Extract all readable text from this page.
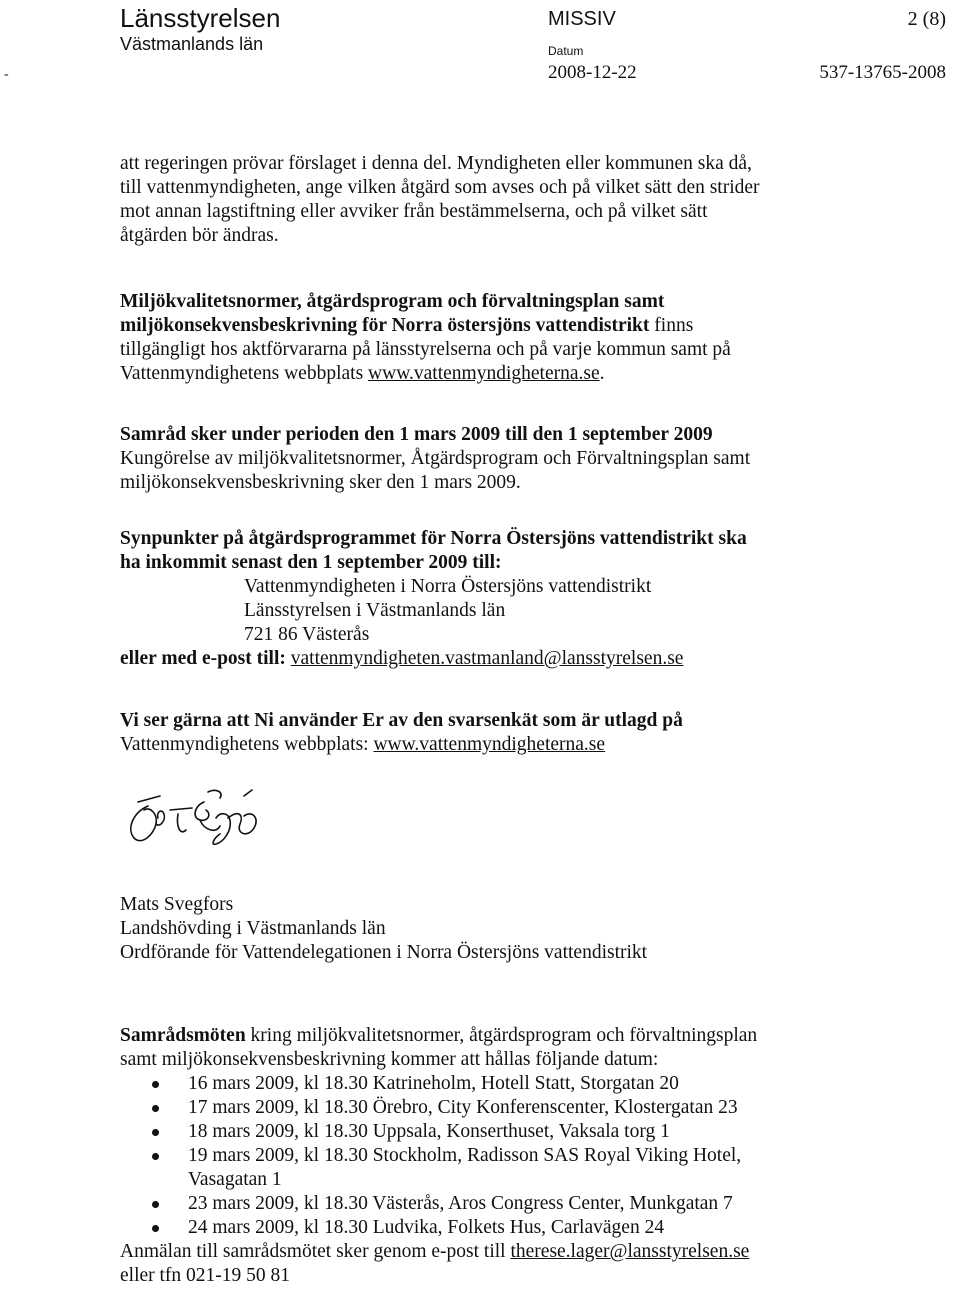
Länsstyrelsen
Västmanlands län
MISSIV	2 (8)
Datum
2008-12-22	537-13765-2008
-

att regeringen prövar förslaget i denna del. Myndigheten eller kommunen ska då,

till vattenmyndigheten, ange vilken åtgärd som avses och på vilket sätt den strider

mot annan lagstiftning eller avviker från bestämmelserna, och på vilket sätt

åtgärden bör ändras.

Miljökvalitetsnormer, åtgärdsprogram och förvaltningsplan samt

miljökonsekvensbeskrivning för Norra östersjöns vattendistrikt finns

tillgängligt hos aktförvararna på länsstyrelserna och på varje kommun samt på

Vattenmyndighetens webbplats www.vattenmyndigheterna.se.

Samråd sker under perioden den 1 mars 2009 till den 1 september 2009

Kungörelse av miljökvalitetsnormer, Åtgärdsprogram och Förvaltningsplan samt

miljökonsekvensbeskrivning sker den 1 mars 2009.

Synpunkter på åtgärdsprogrammet för Norra Östersjöns vattendistrikt ska

ha inkommit senast den 1 september 2009 till:

Vattenmyndigheten i Norra Östersjöns vattendistrikt

Länsstyrelsen i Västmanlands län

721 86 Västerås

eller med e-post till: vattenmyndigheten.vastmanland@lansstyrelsen.se

Vi ser gärna att Ni använder Er av den svarsenkät som är utlagd på

Vattenmyndighetens webbplats: www.vattenmyndigheterna.se

Mats Svegfors

Landshövding i Västmanlands län

Ordförande för Vattendelegationen i Norra Östersjöns vattendistrikt

Samrådsmöten kring miljökvalitetsnormer, åtgärdsprogram och förvaltningsplan

samt miljökonsekvensbeskrivning kommer att hållas följande datum:

16 mars 2009, kl 18.30 Katrineholm, Hotell Statt, Storgatan 20
17 mars 2009, kl 18.30 Örebro, City Konferenscenter, Klostergatan 23
18 mars 2009, kl 18.30 Uppsala, Konserthuset, Vaksala torg 1
19 mars 2009, kl 18.30 Stockholm, Radisson SAS Royal Viking Hotel,
Vasagatan 1
23 mars 2009, kl 18.30 Västerås, Aros Congress Center, Munkgatan 7
24 mars 2009, kl 18.30 Ludvika, Folkets Hus, Carlavägen 24

Anmälan till samrådsmötet sker genom e-post till therese.lager@lansstyrelsen.se

eller tfn 021-19 50 81
